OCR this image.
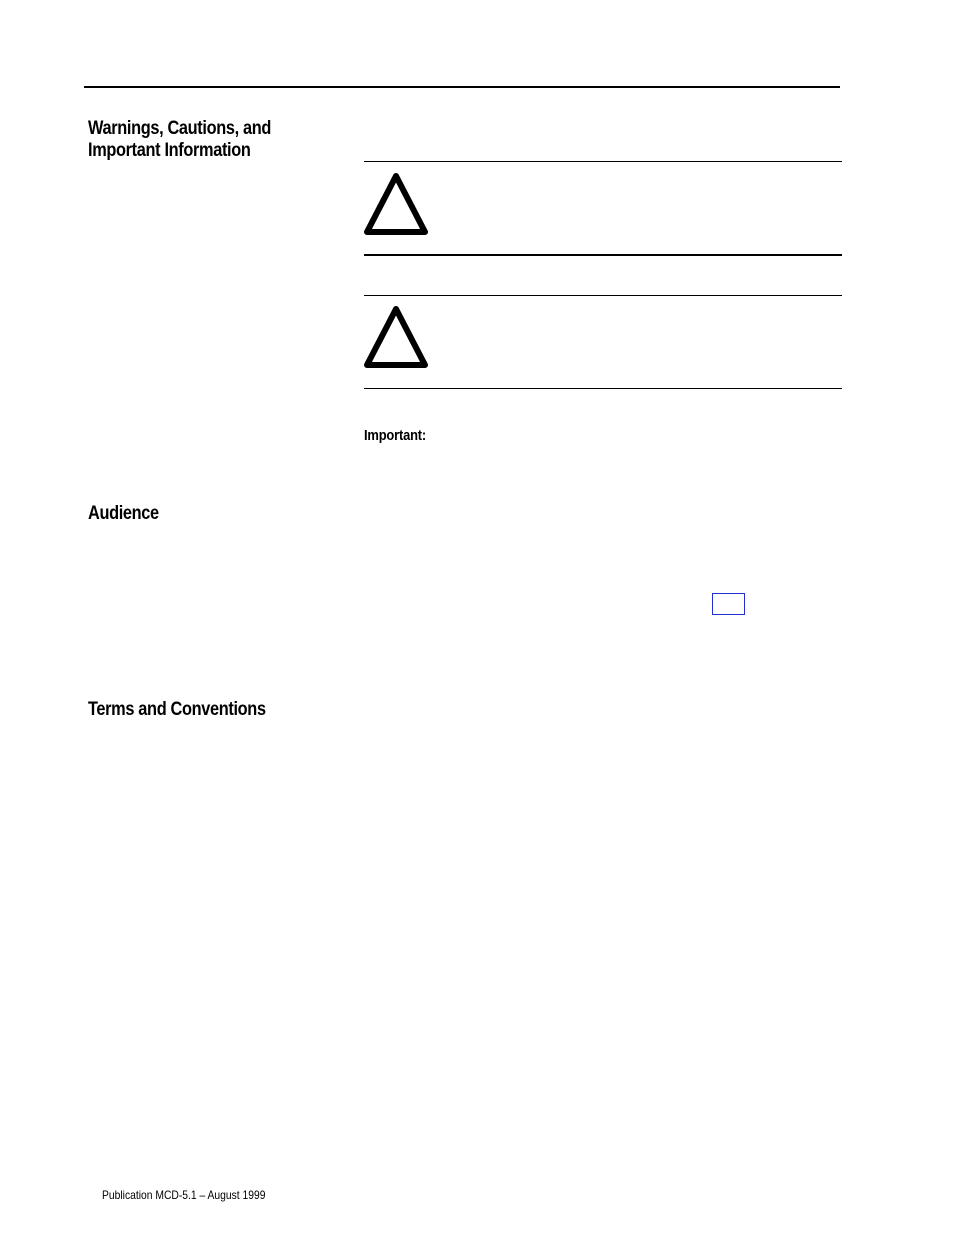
Warnings, Cautions, and
Important Information
Important:
Audience
Terms and Conventions
Publication MCD-5.1 – August 1999
